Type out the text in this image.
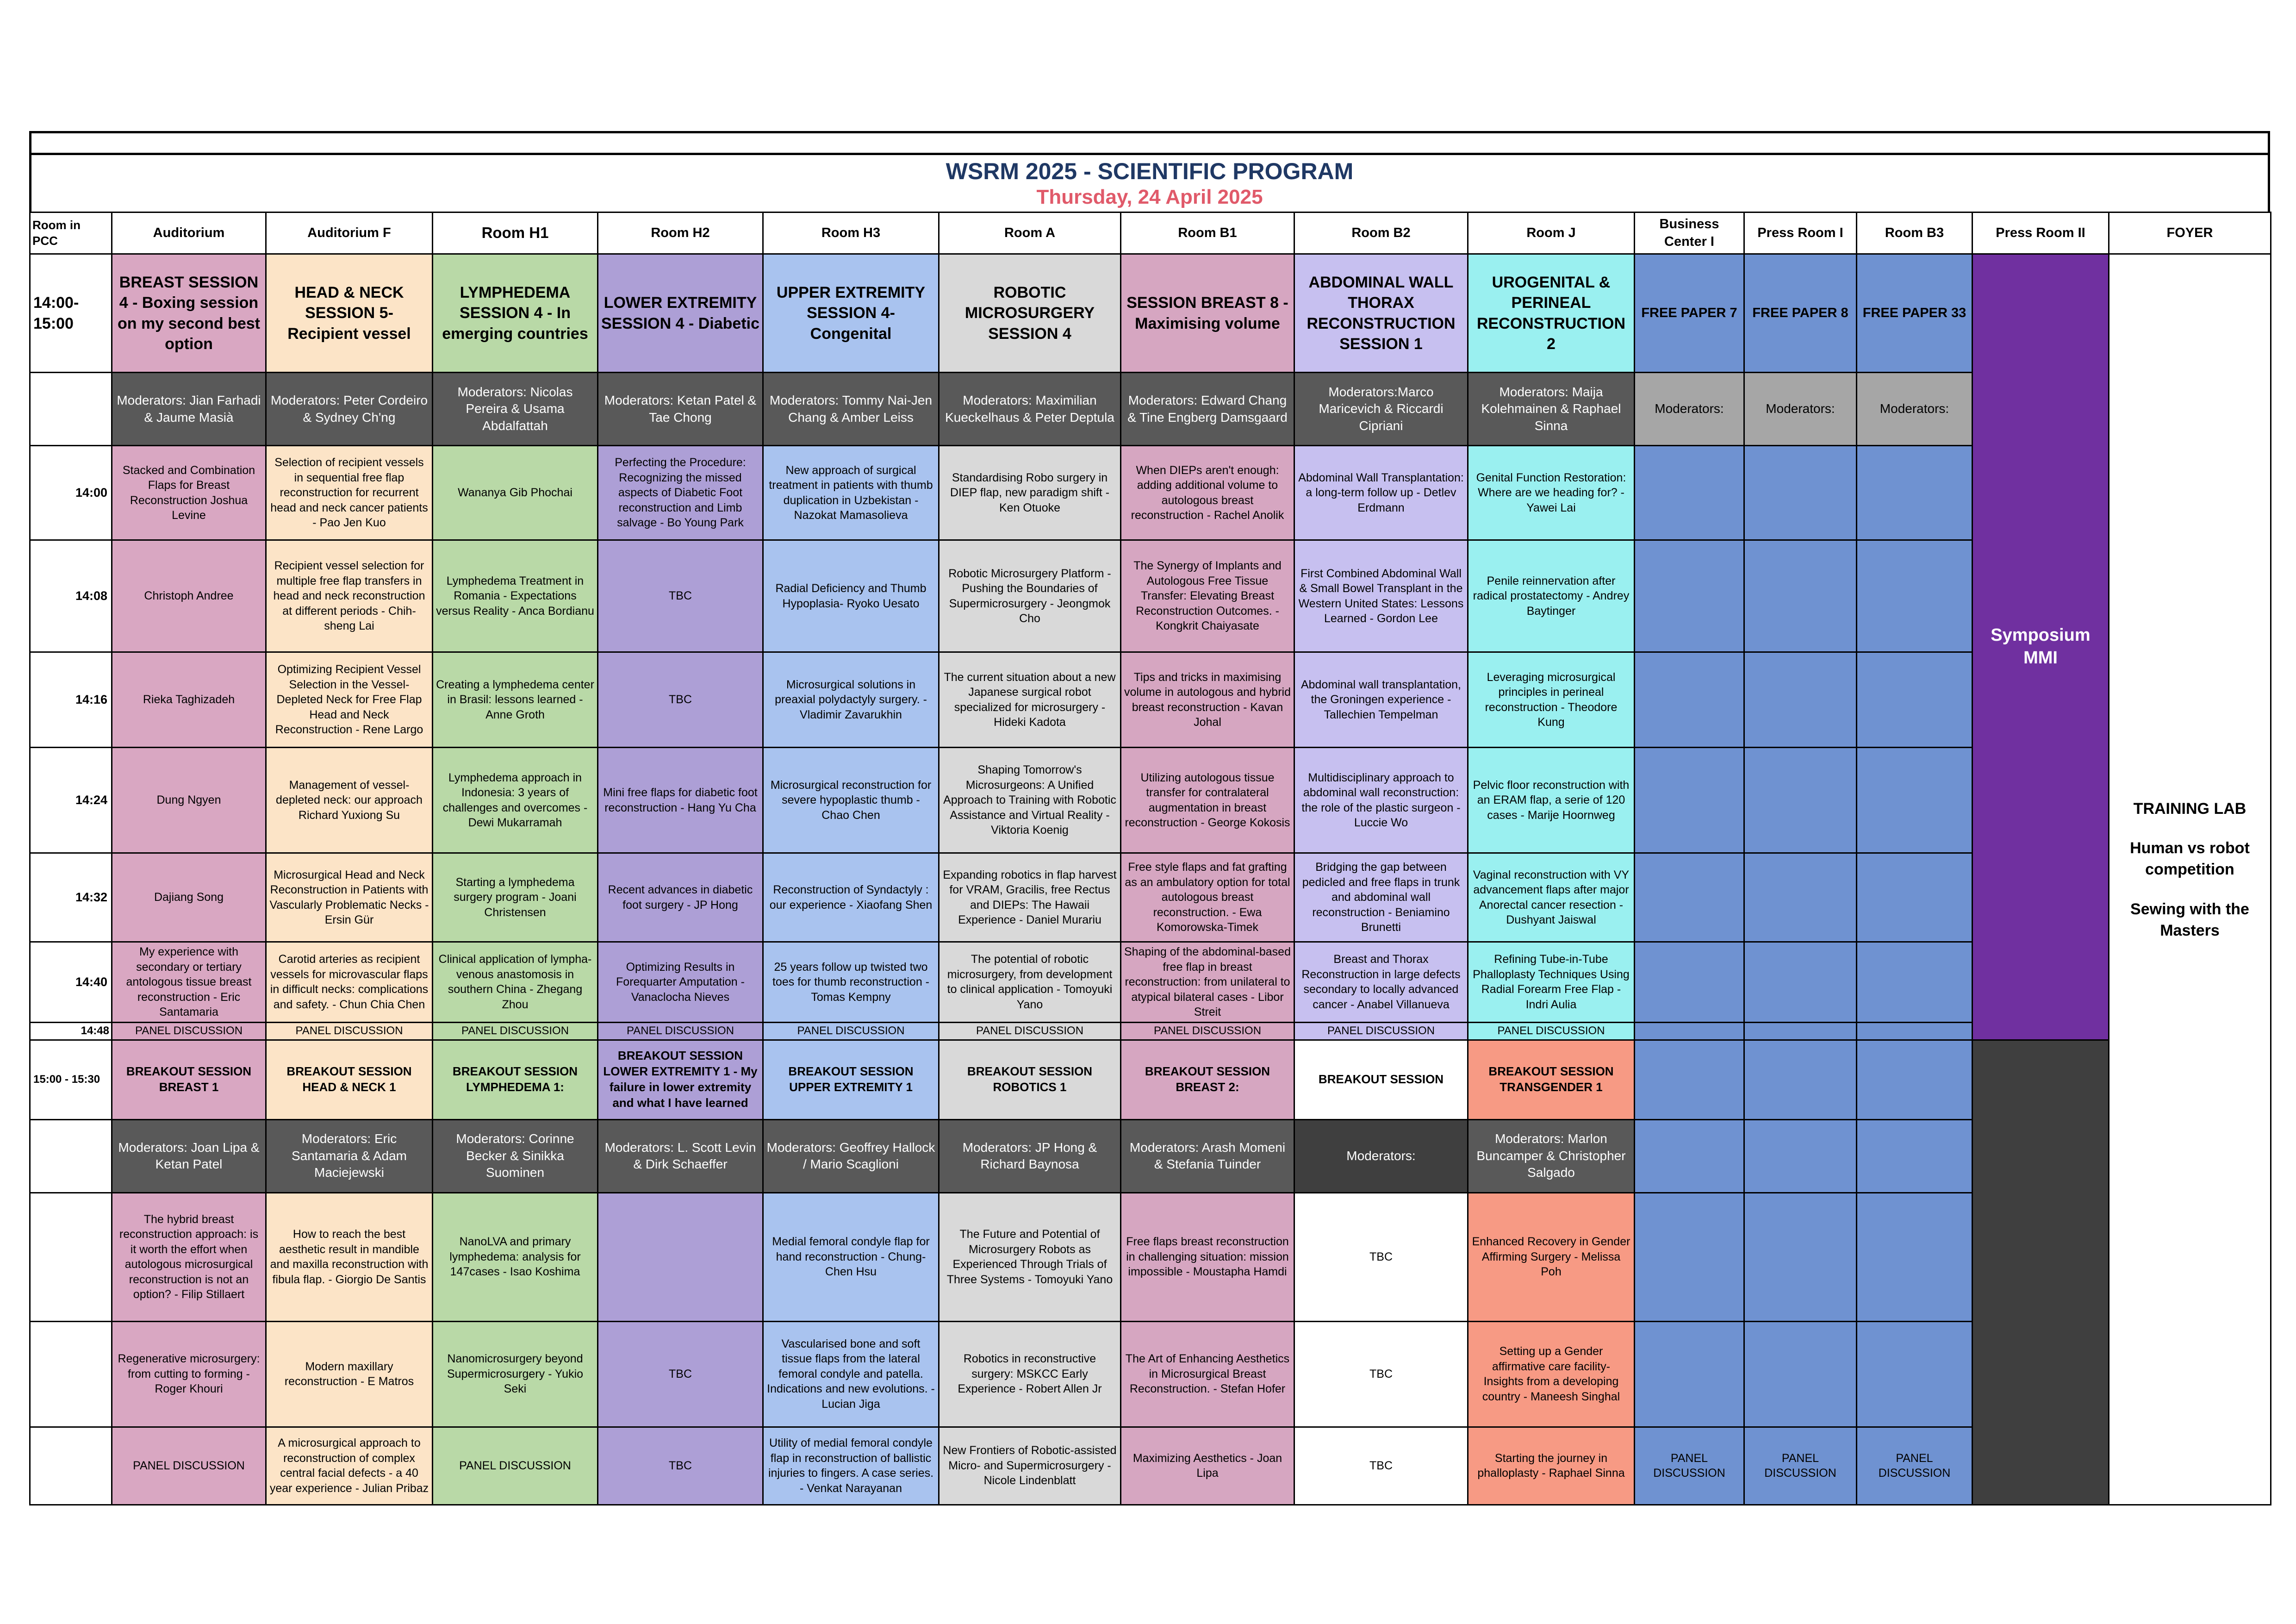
WSRM 2025 - SCIENTIFIC PROGRAM
Thursday, 24 April 2025
Room in PCC	Auditorium	Auditorium F	Room H1	Room H2	Room H3	Room A	Room B1	Room B2	Room J	Business Center I	Press Room I	Room B3	Press Room II	FOYER
14:00-15:00	BREAST SESSION 4 - Boxing session on my second best option	HEAD & NECK SESSION 5- Recipient vessel	LYMPHEDEMA SESSION 4 - In emerging countries	LOWER EXTREMITY SESSION 4 - Diabetic	UPPER EXTREMITY SESSION 4- Congenital	ROBOTIC MICROSURGERY SESSION 4	SESSION BREAST 8 - Maximising volume	ABDOMINAL WALL THORAX RECONSTRUCTION SESSION 1	UROGENITAL & PERINEAL RECONSTRUCTION 2	FREE PAPER 7	FREE PAPER 8	FREE PAPER 33	Symposium MMI	TRAINING LAB
Human vs robot competition
Sewing with the Masters

	Moderators: Jian Farhadi & Jaume Masià	Moderators: Peter Cordeiro & Sydney Ch'ng	Moderators: Nicolas Pereira & Usama Abdalfattah	Moderators: Ketan Patel & Tae Chong	Moderators: Tommy Nai-Jen Chang & Amber Leiss	Moderators: Maximilian Kueckelhaus & Peter Deptula	Moderators: Edward Chang & Tine Engberg Damsgaard	Moderators:Marco Maricevich & Riccardi Cipriani	Moderators: Maija Kolehmainen & Raphael Sinna	Moderators:	Moderators:	Moderators:		
14:00	Stacked and Combination Flaps for Breast Reconstruction Joshua Levine	Selection of recipient vessels in sequential free flap reconstruction for recurrent head and neck cancer patients - Pao Jen Kuo	Wananya Gib Phochai	Perfecting the Procedure: Recognizing the missed aspects of Diabetic Foot reconstruction and Limb salvage - Bo Young Park	New approach of surgical treatment in patients with thumb duplication in Uzbekistan - Nazokat Mamasolieva	Standardising Robo surgery in DIEP flap, new paradigm shift - Ken Otuoke	When DIEPs aren't enough: adding additional volume to autologous breast reconstruction - Rachel Anolik	Abdominal Wall Transplantation: a long-term follow up - Detlev Erdmann	Genital Function Restoration: Where are we heading for? - Yawei Lai					
14:08	Christoph Andree	Recipient vessel selection for multiple free flap transfers in head and neck reconstruction at different periods - Chih-sheng Lai	Lymphedema Treatment in Romania - Expectations versus Reality - Anca Bordianu	TBC	Radial Deficiency and Thumb Hypoplasia- Ryoko Uesato	Robotic Microsurgery Platform - Pushing the Boundaries of Supermicrosurgery - Jeongmok Cho	The Synergy of Implants and Autologous Free Tissue Transfer: Elevating Breast Reconstruction Outcomes. - Kongkrit Chaiyasate	First Combined Abdominal Wall & Small Bowel Transplant in the Western United States: Lessons Learned - Gordon Lee	Penile reinnervation after radical prostatectomy - Andrey Baytinger					
14:16	Rieka Taghizadeh	Optimizing Recipient Vessel Selection in the Vessel-Depleted Neck for Free Flap Head and Neck Reconstruction - Rene Largo	Creating a lymphedema center in Brasil: lessons learned - Anne Groth	TBC	Microsurgical solutions in preaxial polydactyly surgery. - Vladimir Zavarukhin	The current situation about a new Japanese surgical robot specialized for microsurgery - Hideki Kadota	Tips and tricks in maximising volume in autologous and hybrid breast reconstruction - Kavan Johal	Abdominal wall transplantation, the Groningen experience - Tallechien Tempelman	Leveraging microsurgical principles in perineal reconstruction - Theodore Kung					
14:24	Dung Ngyen	Management of vessel-depleted neck: our approach Richard Yuxiong Su	Lymphedema approach in Indonesia: 3 years of challenges and overcomes - Dewi Mukarramah	Mini free flaps for diabetic foot reconstruction - Hang Yu Cha	Microsurgical reconstruction for severe hypoplastic thumb - Chao Chen	Shaping Tomorrow's Microsurgeons: A Unified Approach to Training with Robotic Assistance and Virtual Reality - Viktoria Koenig	Utilizing autologous tissue transfer for contralateral augmentation in breast reconstruction - George Kokosis	Multidisciplinary approach to abdominal wall reconstruction: the role of the plastic surgeon - Luccie Wo	Pelvic floor reconstruction with an ERAM flap, a serie of 120 cases - Marije Hoornweg					
14:32	Dajiang Song	Microsurgical Head and Neck Reconstruction in Patients with Vascularly Problematic Necks - Ersin Gür	Starting a lymphedema surgery program - Joani Christensen	Recent advances in diabetic foot surgery - JP Hong	Reconstruction of Syndactyly : our experience - Xiaofang Shen	Expanding robotics in flap harvest for VRAM, Gracilis, free Rectus and DIEPs: The Hawaii Experience - Daniel Murariu	Free style flaps and fat grafting as an ambulatory option for total autologous breast reconstruction. - Ewa Komorowska-Timek	Bridging the gap between pedicled and free flaps in trunk and abdominal wall reconstruction - Beniamino Brunetti	Vaginal reconstruction with VY advancement flaps after major Anorectal cancer resection - Dushyant Jaiswal					
14:40	My experience with secondary or tertiary antologous tissue breast reconstruction - Eric Santamaria	Carotid arteries as recipient vessels for microvascular flaps in difficult necks: complications and safety. - Chun Chia Chen	Clinical application of lympha-venous anastomosis in southern China - Zhegang Zhou	Optimizing Results in Forequarter Amputation - Vanaclocha Nieves	25 years follow up twisted two toes for thumb reconstruction - Tomas Kempny	The potential of robotic microsurgery, from development to clinical application - Tomoyuki Yano	Shaping of the abdominal-based free flap in breast reconstruction: from unilateral to atypical bilateral cases - Libor Streit	Breast and Thorax Reconstruction in large defects secondary to locally advanced cancer - Anabel Villanueva	Refining Tube-in-Tube Phalloplasty Techniques Using Radial Forearm Free Flap - Indri Aulia					
14:48	PANEL DISCUSSION	PANEL DISCUSSION	PANEL DISCUSSION	PANEL DISCUSSION	PANEL DISCUSSION	PANEL DISCUSSION	PANEL DISCUSSION	PANEL DISCUSSION	PANEL DISCUSSION					
15:00 - 15:30	BREAKOUT SESSION BREAST 1	BREAKOUT SESSION HEAD & NECK 1	BREAKOUT SESSION LYMPHEDEMA 1:	BREAKOUT SESSION LOWER EXTREMITY 1 - My failure in lower extremity and what I have learned	BREAKOUT SESSION UPPER EXTREMITY 1	BREAKOUT SESSION ROBOTICS 1	BREAKOUT SESSION BREAST 2:	BREAKOUT SESSION	BREAKOUT SESSION TRANSGENDER 1					
	Moderators: Joan Lipa & Ketan Patel	Moderators: Eric Santamaria & Adam Maciejewski	Moderators: Corinne Becker & Sinikka Suominen	Moderators: L. Scott Levin & Dirk Schaeffer	Moderators: Geoffrey Hallock / Mario Scaglioni	Moderators: JP Hong & Richard Baynosa	Moderators: Arash Momeni & Stefania Tuinder	Moderators:	Moderators: Marlon Buncamper & Christopher Salgado					
	The hybrid breast reconstruction approach: is it worth the effort when autologous microsurgical reconstruction is not an option? - Filip Stillaert	How to reach the best aesthetic result in mandible and maxilla reconstruction with fibula flap. - Giorgio De Santis	NanoLVA and primary lymphedema: analysis for 147cases - Isao Koshima		Medial femoral condyle flap for hand reconstruction - Chung-Chen Hsu	The Future and Potential of Microsurgery Robots as Experienced Through Trials of Three Systems - Tomoyuki Yano	Free flaps breast reconstruction in challenging situation: mission impossible - Moustapha Hamdi	TBC	Enhanced Recovery in Gender Affirming Surgery - Melissa Poh					
	Regenerative microsurgery: from cutting to forming - Roger Khouri	Modern maxillary reconstruction - E Matros	Nanomicrosurgery beyond Supermicrosurgery - Yukio Seki	TBC	Vascularised bone and soft tissue flaps from the lateral femoral condyle and patella. Indications and new evolutions. - Lucian Jiga	Robotics in reconstructive surgery: MSKCC Early Experience - Robert Allen Jr	The Art of Enhancing Aesthetics in Microsurgical Breast Reconstruction. - Stefan Hofer	TBC	Setting up a Gender affirmative care facility- Insights from a developing country - Maneesh Singhal					
	PANEL DISCUSSION	A microsurgical approach to reconstruction of complex central facial defects - a 40 year experience - Julian Pribaz	PANEL DISCUSSION	TBC	Utility of medial femoral condyle flap in reconstruction of ballistic injuries to fingers. A case series. - Venkat Narayanan	New Frontiers of Robotic-assisted Micro- and Supermicrosurgery - Nicole Lindenblatt	Maximizing Aesthetics - Joan Lipa	TBC	Starting the journey in phalloplasty - Raphael Sinna	PANEL DISCUSSION	PANEL DISCUSSION	PANEL DISCUSSION		
